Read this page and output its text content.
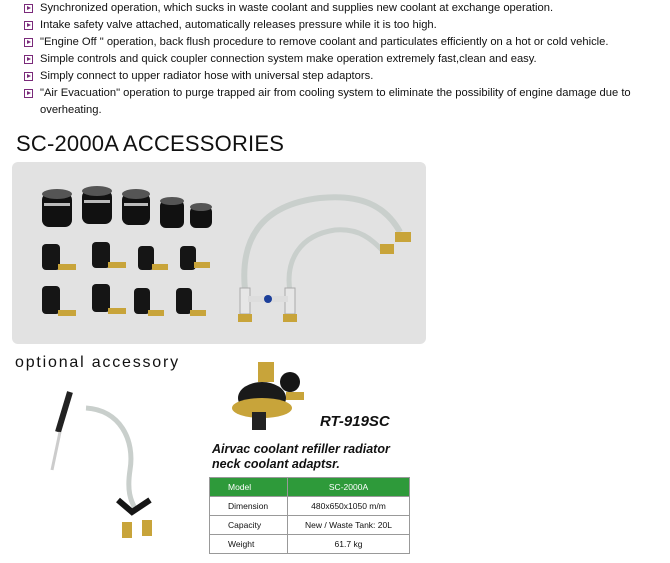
Synchronized operation, which sucks in waste coolant and supplies new coolant at exchange operation.
Intake safety valve attached, automatically releases pressure while it is too high.
"Engine Off " operation, back flush procedure to remove coolant and particulates efficiently on a hot or cold vehicle.
Simple controls and quick coupler connection system make operation extremely fast,clean and easy.
Simply connect to upper radiator hose with universal step adaptors.
"Air Evacuation" operation to purge trapped air from cooling system to eliminate the possibility of engine damage due to overheating.
SC-2000A ACCESSORIES
optional accessory
RT-919SC
Airvac coolant refiller radiator
neck coolant adaptsr.
Model	SC-2000A
Dimension	480x650x1050 m/m
Capacity	New / Waste Tank: 20L
Weight	61.7 kg
